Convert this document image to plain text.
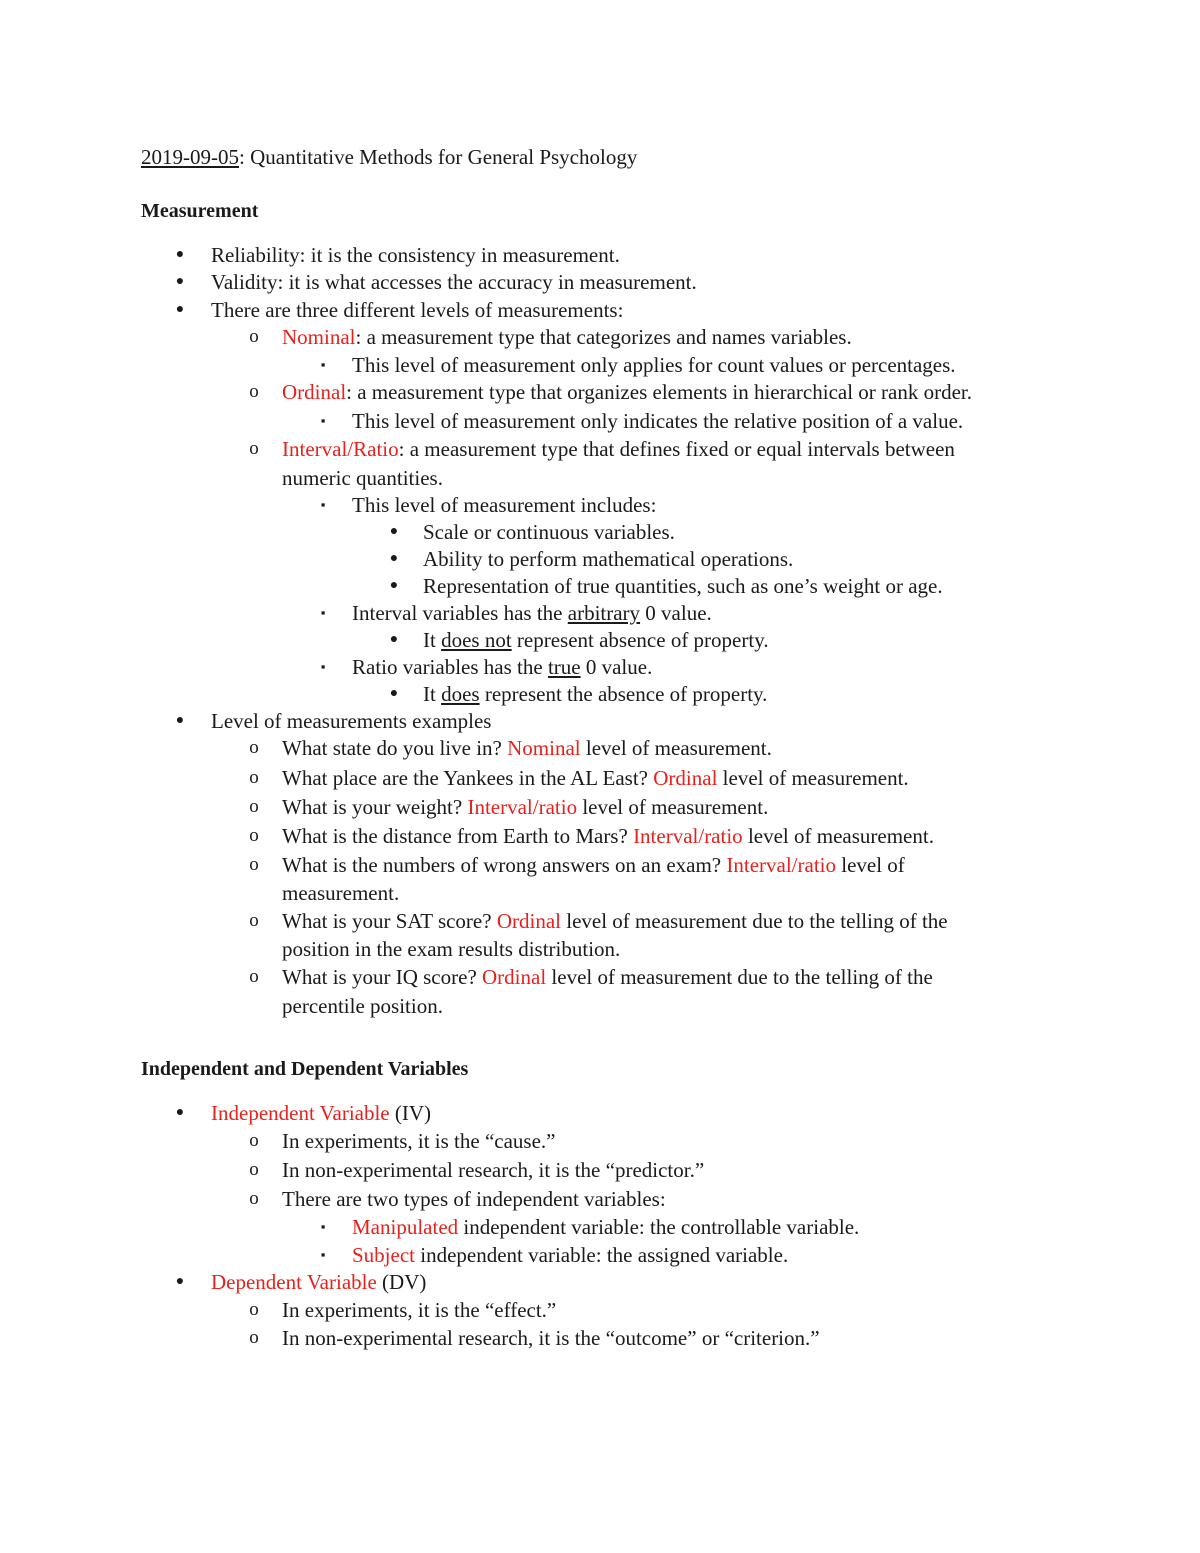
2019-09-05: Quantitative Methods for General Psychology
Measurement
Independent and Dependent Variables
● Reliability: it is the consistency in measurement.
● Validity: it is what accesses the accuracy in measurement.
● There are three different levels of measurements:
o Nominal: a measurement type that categorizes and names variables.
▪	This level of measurement only applies for count values or percentages.
o Ordinal: a measurement type that organizes elements in hierarchical or rank order.
▪	This level of measurement only indicates the relative position of a value.
o Interval/Ratio: a measurement type that defines fixed or equal intervals between
numeric quantities.
▪	This level of measurement includes:
● Scale or continuous variables.
● Ability to perform mathematical operations.
● Representation of true quantities, such as one’s weight or age.
▪	Interval variables has the arbitrary 0 value.
● It does not represent absence of property.
▪	Ratio variables has the true 0 value.
● It does represent the absence of property.
● Level of measurements examples
o What state do you live in? Nominal level of measurement.
o What place are the Yankees in the AL East? Ordinal level of measurement.
o What is your weight? Interval/ratio level of measurement.
o What is the distance from Earth to Mars? Interval/ratio level of measurement.
o What is the numbers of wrong answers on an exam? Interval/ratio level of
measurement.
o What is your SAT score? Ordinal level of measurement due to the telling of the
position in the exam results distribution.
o What is your IQ score? Ordinal level of measurement due to the telling of the
percentile position.
● Independent Variable (IV)
o In experiments, it is the “cause.”
o In non-experimental research, it is the “predictor.”
o There are two types of independent variables:
▪	Manipulated independent variable: the controllable variable.
▪	Subject independent variable: the assigned variable.
● Dependent Variable (DV)
o In experiments, it is the “effect.”
o In non-experimental research, it is the “outcome” or “criterion.”
